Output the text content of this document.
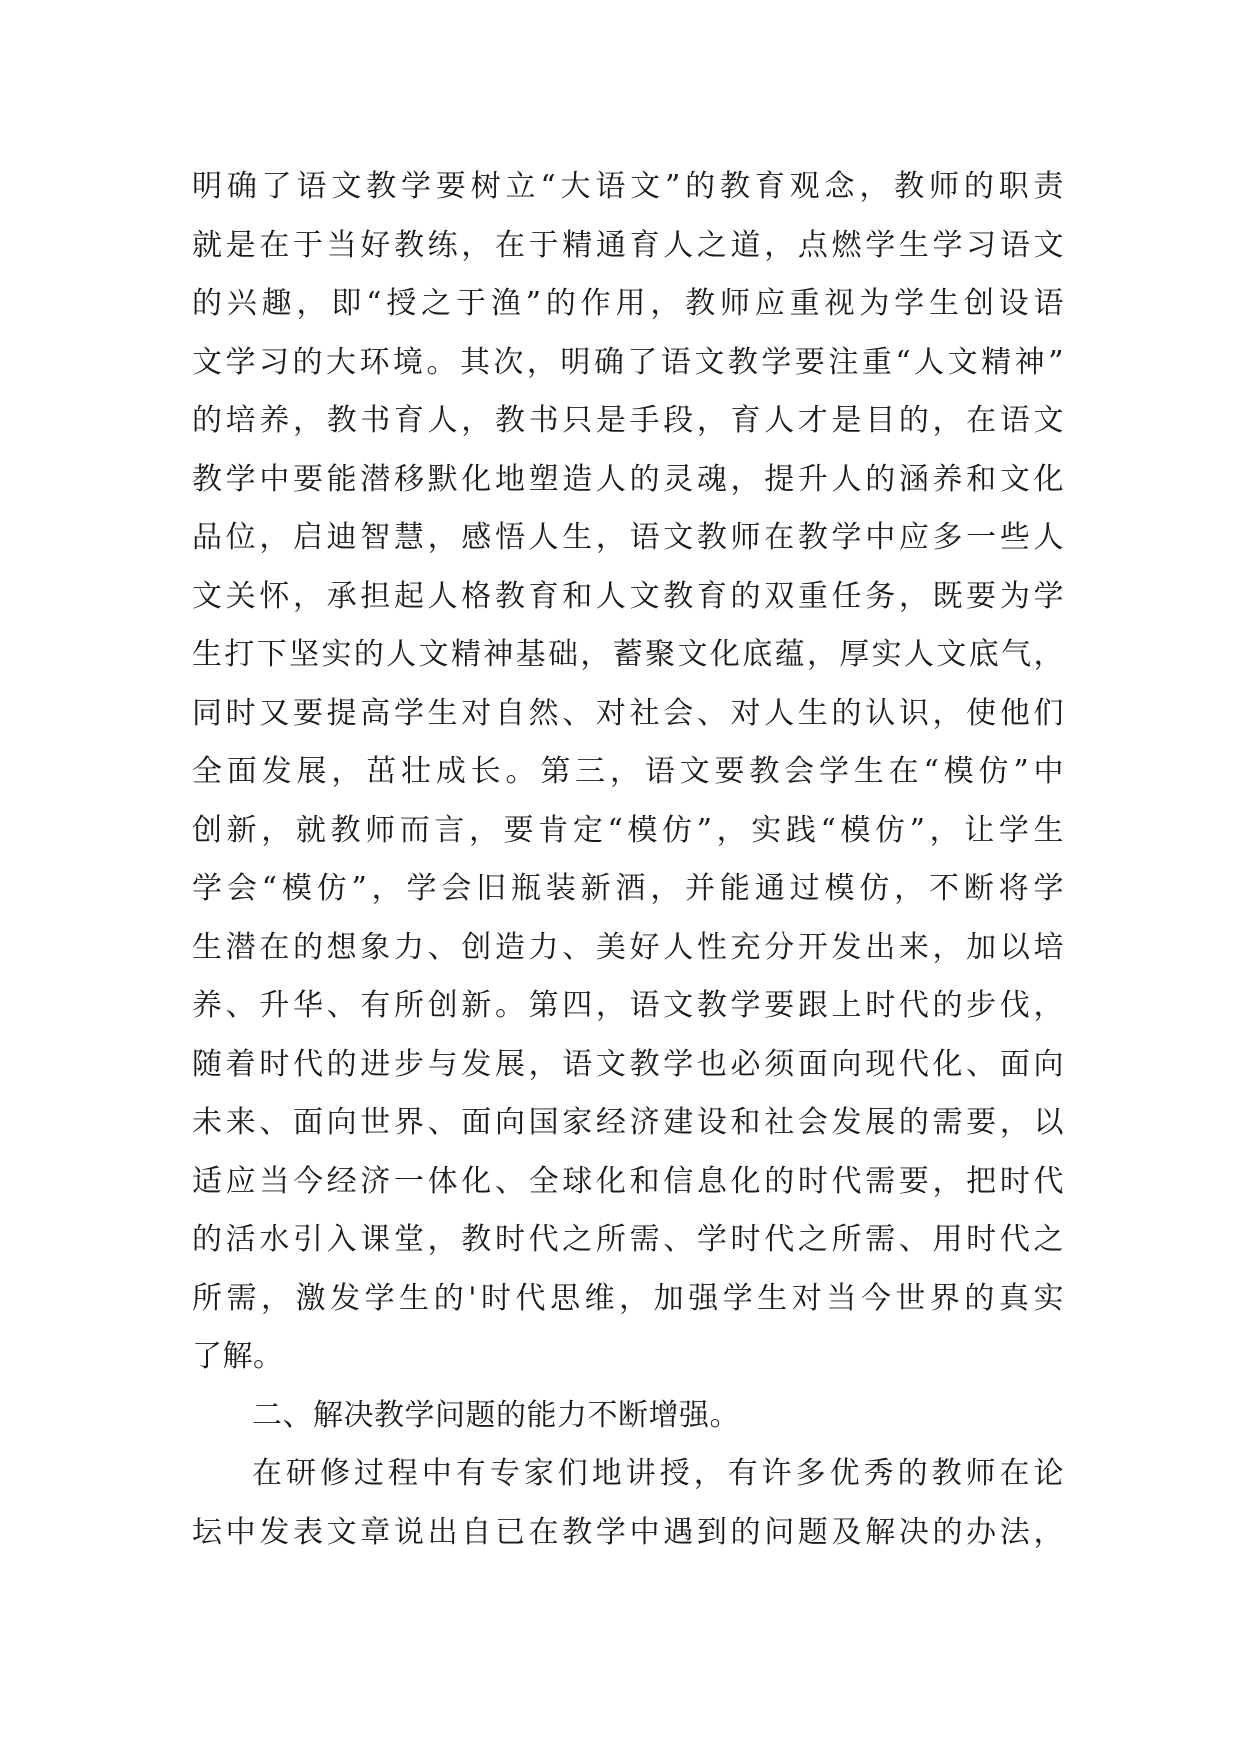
明确了语文教学要树立“大语文”的教育观念，教师的职责
就是在于当好教练，在于精通育人之道，点燃学生学习语文
的兴趣，即“授之于渔”的作用，教师应重视为学生创设语
文学习的大环境。其次，明确了语文教学要注重“人文精神”
的培养，教书育人，教书只是手段，育人才是目的，在语文
教学中要能潜移默化地塑造人的灵魂，提升人的涵养和文化
品位，启迪智慧，感悟人生，语文教师在教学中应多一些人
文关怀，承担起人格教育和人文教育的双重任务，既要为学
生打下坚实的人文精神基础，蓄聚文化底蕴，厚实人文底气，
同时又要提高学生对自然、对社会、对人生的认识，使他们
全面发展，茁壮成长。第三，语文要教会学生在“模仿”中
创新，就教师而言，要肯定“模仿”，实践“模仿”，让学生
学会“模仿”，学会旧瓶装新酒，并能通过模仿，不断将学
生潜在的想象力、创造力、美好人性充分开发出来，加以培
养、升华、有所创新。第四，语文教学要跟上时代的步伐，
随着时代的进步与发展，语文教学也必须面向现代化、面向
未来、面向世界、面向国家经济建设和社会发展的需要，以
适应当今经济一体化、全球化和信息化的时代需要，把时代
的活水引入课堂，教时代之所需、学时代之所需、用时代之
所需，激发学生的'时代思维，加强学生对当今世界的真实
了解。
二、解决教学问题的能力不断增强。
在研修过程中有专家们地讲授，有许多优秀的教师在论
坛中发表文章说出自已在教学中遇到的问题及解决的办法，
